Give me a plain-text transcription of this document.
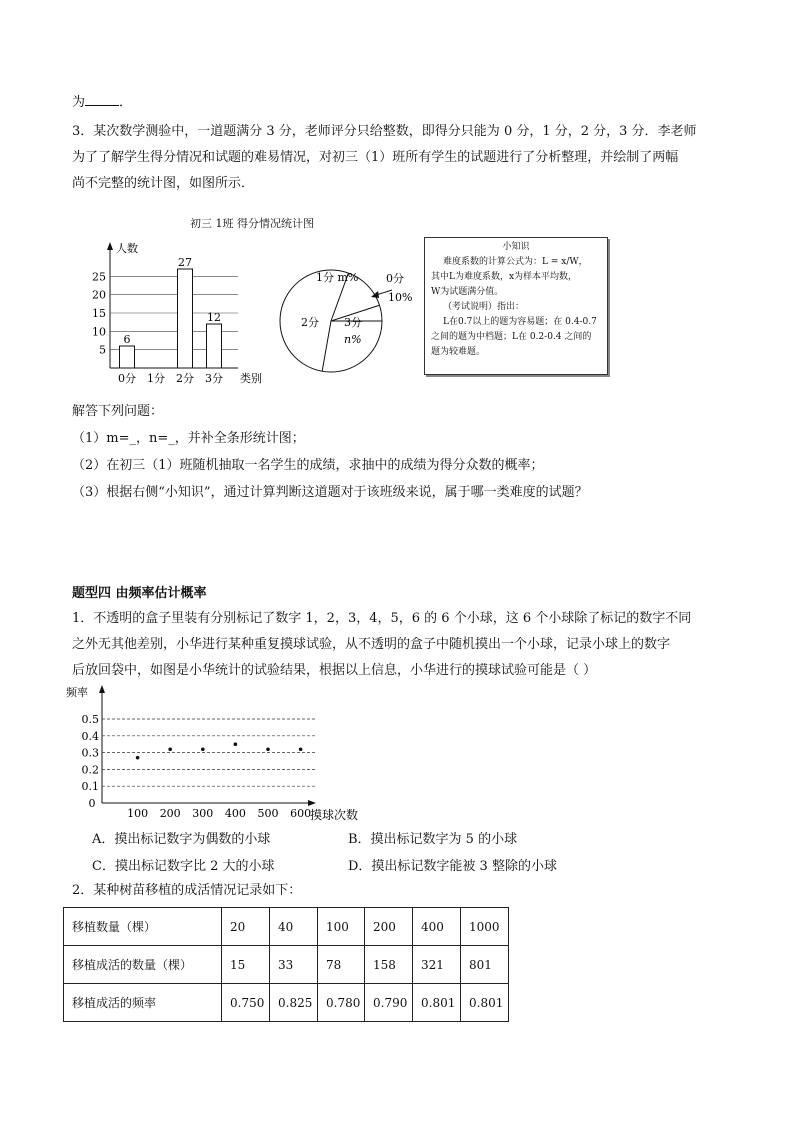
为	．
3．某次数学测验中，一道题满分 3 分，老师评分只给整数，即得分只能为 0 分，1 分，2 分，3 分．李老师
为了了解学生得分情况和试题的难易情况，对初三（1）班所有学生的试题进行了分析整理，并绘制了两幅
尚不完整的统计图，如图所示．
初三 1班 得分情况统计图
人数
5
10
15
20
25
6
0分 1分
27
2分
12
3分 类别
1分 m%	0分
10%
3分
n%
2分
小知识
难度系数的计算公式为：L = x/W，
其中L为难度系数，x为样本平均数，
W为试题满分值。
（考试说明）指出：
L在0.7以上的题为容易题；在 0.4-0.7
之间的题为中档题；L在 0.2-0.4 之间的
题为较难题。
解答下列问题：
（1）m=_，n=_，并补全条形统计图；
（2）在初三（1）班随机抽取一名学生的成绩，求抽中的成绩为得分众数的概率；
（3）根据右侧“小知识”，通过计算判断这道题对于该班级来说，属于哪一类难度的试题？
题型四 由频率估计概率
1．不透明的盒子里装有分别标记了数字 1，2，3，4，5，6 的 6 个小球，这 6 个小球除了标记的数字不同
之外无其他差别，小华进行某种重复摸球试验，从不透明的盒子中随机摸出一个小球，记录小球上的数字
后放回袋中，如图是小华统计的试验结果，根据以上信息，小华进行的摸球试验可能是（ ）
频率
0
0.1
0.2
0.3
0.4
0.5
100 200 300 400 500 600
摸球次数
A．摸出标记数字为偶数的小球	B．摸出标记数字为 5 的小球
C．摸出标记数字比 2 大的小球	D．摸出标记数字能被 3 整除的小球
2．某种树苗移植的成活情况记录如下：
移植数量（棵）	20	40	100	200	400	1000
移植成活的数量（棵）	15	33	78	158	321	801
移植成活的频率	0.750	0.825	0.780	0.790	0.801	0.801
